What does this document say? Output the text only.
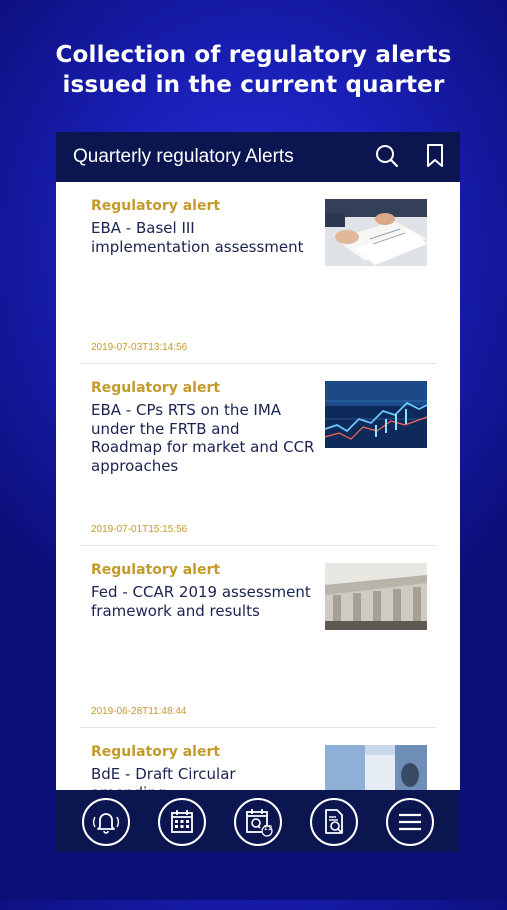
Collection of regulatory alerts
issued in the current quarter
Quarterly regulatory Alerts
Regulatory alert
EBA - Basel III implementation assessment
2019-07-03T13:14:56
Regulatory alert
EBA - CPs RTS on the IMA under the FRTB and Roadmap for market and CCR approaches
2019-07-01T15:15:56
Regulatory alert
Fed - CCAR 2019 assessment framework and results
2019-06-28T11:48:44
Regulatory alert
BdE - Draft Circular
12
